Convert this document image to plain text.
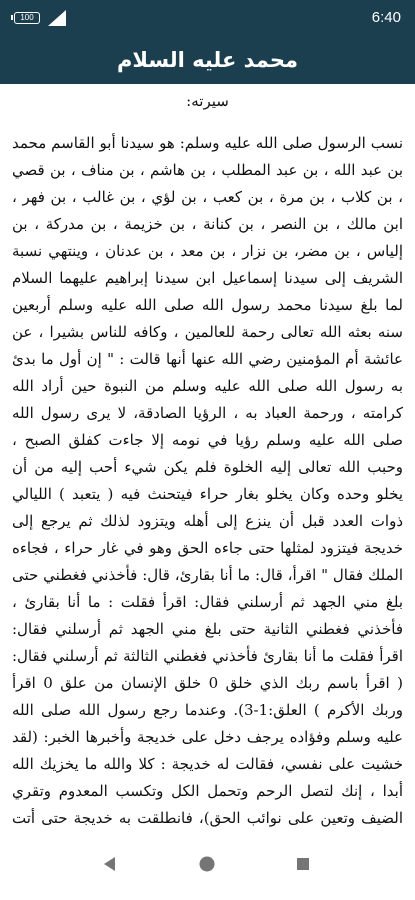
100	6:40
محمد عليه السلام
سيرته:
نسب الرسول صلى الله عليه وسلم: هو سيدنا أبو القاسم محمد بن عبد الله ، بن عبد المطلب ، بن هاشم ، بن مناف ، بن قصي ، بن كلاب ، بن مرة ، بن كعب ، بن لؤي ، بن غالب ، بن فهر ، ابن مالك ، بن النصر ، بن كنانة ، بن خزيمة ، بن مدركة ، بن إلياس ، بن مضر، بن نزار ، بن معد ، بن عدنان ، وينتهي نسبة الشريف إلى سيدنا إسماعيل ابن سيدنا إبراهيم عليهما السلام لما بلغ سيدنا محمد رسول الله صلى الله عليه وسلم أربعين سنه بعثه الله تعالى رحمة للعالمين ، وكافه للناس بشيرا ، عن عائشة أم المؤمنين رضي الله عنها أنها قالت : " إن أول ما بدئ به رسول الله صلى الله عليه وسلم من النبوة حين أراد الله كرامته ، ورحمة العباد به ، الرؤيا الصادقة، لا يرى رسول الله صلى الله عليه وسلم رؤيا في نومه إلا جاءت كفلق الصبح ، وحبب الله تعالى إليه الخلوة فلم يكن شيء أحب إليه من أن يخلو وحده وكان يخلو بغار حراء فيتحنث فيه ( يتعبد ) الليالي ذوات العدد قبل أن ينزع إلى أهله ويتزود لذلك ثم يرجع إلى خديجة فيتزود لمثلها حتى جاءه الحق وهو في غار حراء ، فجاءه الملك فقال " اقرأ، قال: ما أنا بقارئ، قال: فأخذني فغطني حتى بلغ مني الجهد ثم أرسلني فقال: اقرأ فقلت : ما أنا بقارئ ، فأخذني فغطني الثانية حتى بلغ مني الجهد ثم أرسلني فقال: اقرأ فقلت ما أنا بقارئ فأخذني فغطني الثالثة ثم أرسلني فقال: ( اقرأ باسم ربك الذي خلق 0 خلق الإنسان من علق 0 اقرأ وربك الأكرم ) العلق:1-3). وعندما رجع رسول الله صلى الله عليه وسلم وفؤاده يرجف دخل على خديجة وأخبرها الخبر: (لقد خشيت على نفسي، فقالت له خديجة : كلا والله ما يخزيك الله أبدا ، إنك لتصل الرحم وتحمل الكل وتكسب المعدوم وتقري الضيف وتعين على نوائب الحق)، فانطلقت به خديجة حتى أتت
